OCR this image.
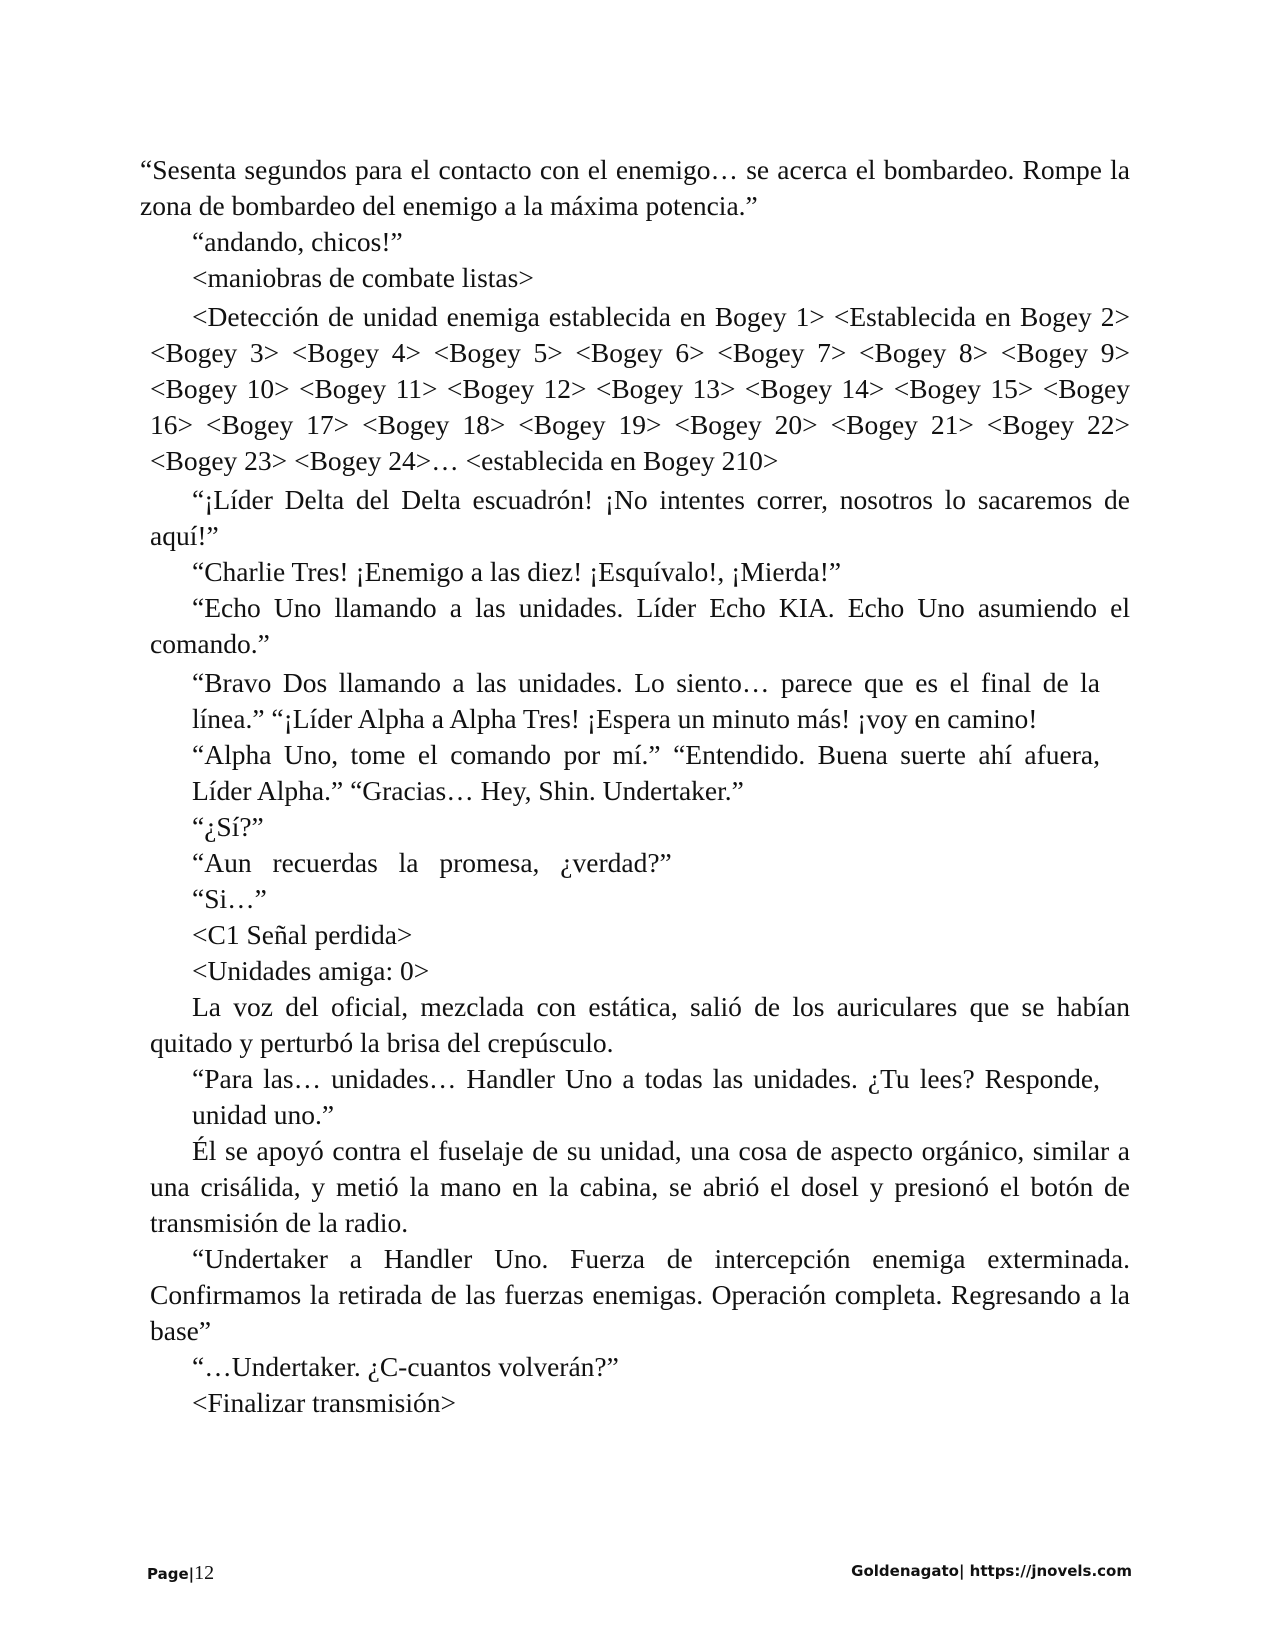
“Sesenta segundos para el contacto con el enemigo… se acerca el bombardeo. Rompe la zona de bombardeo del enemigo a la máxima potencia.”

“andando, chicos!”

<maniobras de combate listas>

<Detección de unidad enemiga establecida en Bogey 1> <Establecida en Bogey 2> <Bogey 3> <Bogey 4> <Bogey 5> <Bogey 6> <Bogey 7> <Bogey 8> <Bogey 9> <Bogey 10> <Bogey 11> <Bogey 12> <Bogey 13> <Bogey 14> <Bogey 15> <Bogey 16> <Bogey 17> <Bogey 18> <Bogey 19> <Bogey 20> <Bogey 21> <Bogey 22> <Bogey 23> <Bogey 24>… <establecida en Bogey 210>

“¡Líder Delta del Delta escuadrón! ¡No intentes correr, nosotros lo sacaremos de aquí!”

“Charlie Tres! ¡Enemigo a las diez! ¡Esquívalo!, ¡Mierda!”

“Echo Uno llamando a las unidades. Líder Echo KIA. Echo Uno asumiendo el comando.”

“Bravo Dos llamando a las unidades. Lo siento… parece que es el final de la línea.” “¡Líder Alpha a Alpha Tres! ¡Espera un minuto más! ¡voy en camino!

“Alpha Uno, tome el comando por mí.” “Entendido. Buena suerte ahí afuera, Líder Alpha.” “Gracias… Hey, Shin. Undertaker.”

“¿Sí?”

“Aun recuerdas la promesa, ¿verdad?”

“Si…”

<C1 Señal perdida>

<Unidades amiga: 0>

La voz del oficial, mezclada con estática, salió de los auriculares que se habían quitado y perturbó la brisa del crepúsculo.

“Para las… unidades… Handler Uno a todas las unidades. ¿Tu lees? Responde, unidad uno.”

Él se apoyó contra el fuselaje de su unidad, una cosa de aspecto orgánico, similar a una crisálida, y metió la mano en la cabina, se abrió el dosel y presionó el botón de transmisión de la radio.

“Undertaker a Handler Uno. Fuerza de intercepción enemiga exterminada. Confirmamos la retirada de las fuerzas enemigas. Operación completa. Regresando a la base”

“…Undertaker. ¿C-cuantos volverán?”

<Finalizar transmisión>

Page|12	Goldenagato| https://jnovels.com
